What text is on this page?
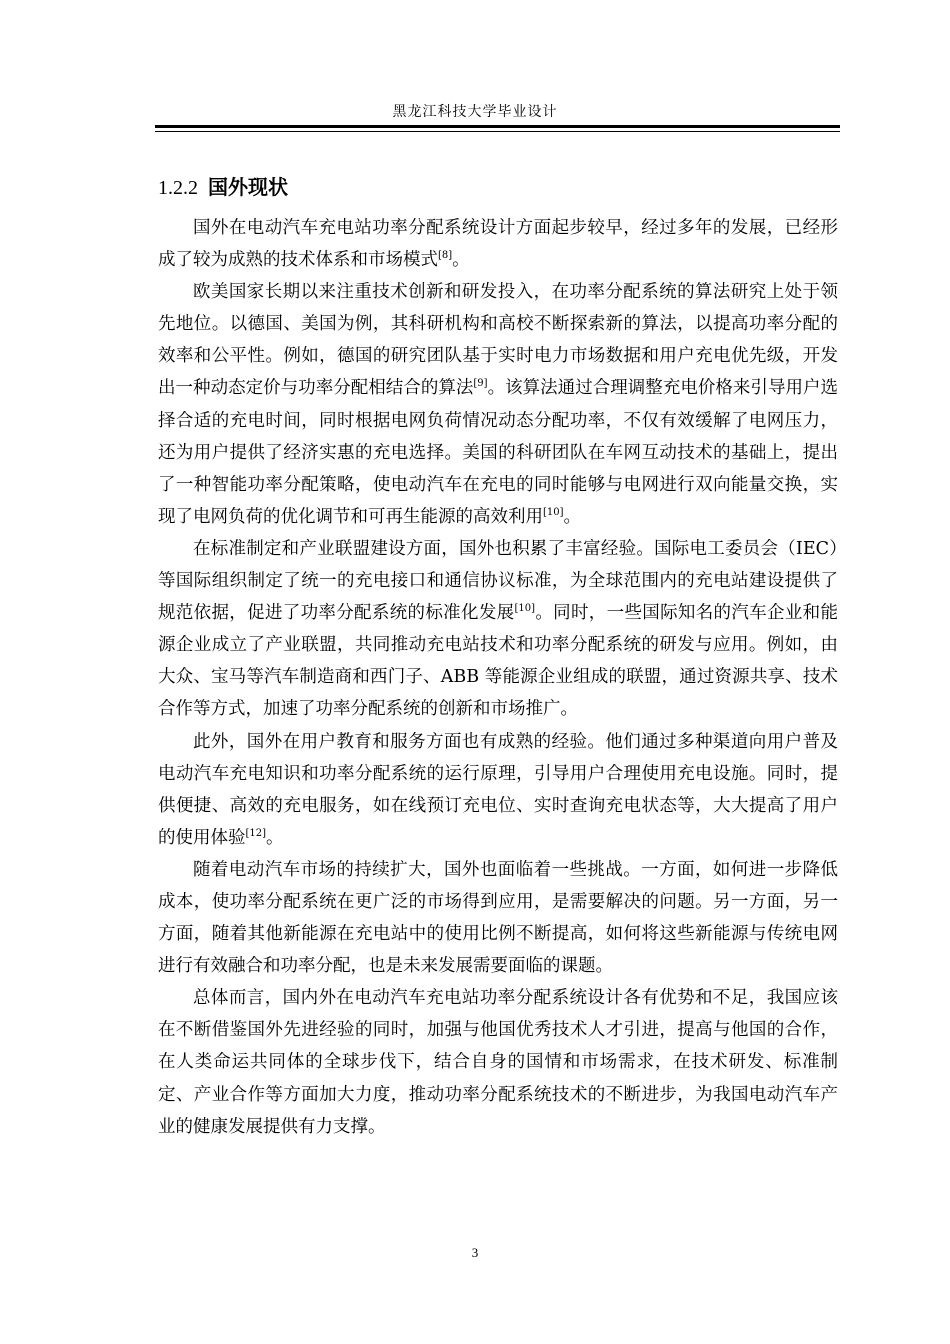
黑龙江科技大学毕业设计
1.2.2 国外现状

国外在电动汽车充电站功率分配系统设计方面起步较早，经过多年的发展，已经形成了较为成熟的技术体系和市场模式[8]。

欧美国家长期以来注重技术创新和研发投入，在功率分配系统的算法研究上处于领先地位。以德国、美国为例，其科研机构和高校不断探索新的算法，以提高功率分配的效率和公平性。例如，德国的研究团队基于实时电力市场数据和用户充电优先级，开发出一种动态定价与功率分配相结合的算法[9]。该算法通过合理调整充电价格来引导用户选择合适的充电时间，同时根据电网负荷情况动态分配功率，不仅有效缓解了电网压力，还为用户提供了经济实惠的充电选择。美国的科研团队在车网互动技术的基础上，提出了一种智能功率分配策略，使电动汽车在充电的同时能够与电网进行双向能量交换，实现了电网负荷的优化调节和可再生能源的高效利用[10]。

在标准制定和产业联盟建设方面，国外也积累了丰富经验。国际电工委员会（IEC）等国际组织制定了统一的充电接口和通信协议标准，为全球范围内的充电站建设提供了规范依据，促进了功率分配系统的标准化发展[10]。同时，一些国际知名的汽车企业和能源企业成立了产业联盟，共同推动充电站技术和功率分配系统的研发与应用。例如，由大众、宝马等汽车制造商和西门子、ABB 等能源企业组成的联盟，通过资源共享、技术合作等方式，加速了功率分配系统的创新和市场推广。

此外，国外在用户教育和服务方面也有成熟的经验。他们通过多种渠道向用户普及电动汽车充电知识和功率分配系统的运行原理，引导用户合理使用充电设施。同时，提供便捷、高效的充电服务，如在线预订充电位、实时查询充电状态等，大大提高了用户的使用体验[12]。

随着电动汽车市场的持续扩大，国外也面临着一些挑战。一方面，如何进一步降低成本，使功率分配系统在更广泛的市场得到应用，是需要解决的问题。另一方面，另一方面，随着其他新能源在充电站中的使用比例不断提高，如何将这些新能源与传统电网进行有效融合和功率分配，也是未来发展需要面临的课题。

总体而言，国内外在电动汽车充电站功率分配系统设计各有优势和不足，我国应该在不断借鉴国外先进经验的同时，加强与他国优秀技术人才引进，提高与他国的合作，在人类命运共同体的全球步伐下，结合自身的国情和市场需求，在技术研发、标准制定、产业合作等方面加大力度，推动功率分配系统技术的不断进步，为我国电动汽车产业的健康发展提供有力支撑。

3
